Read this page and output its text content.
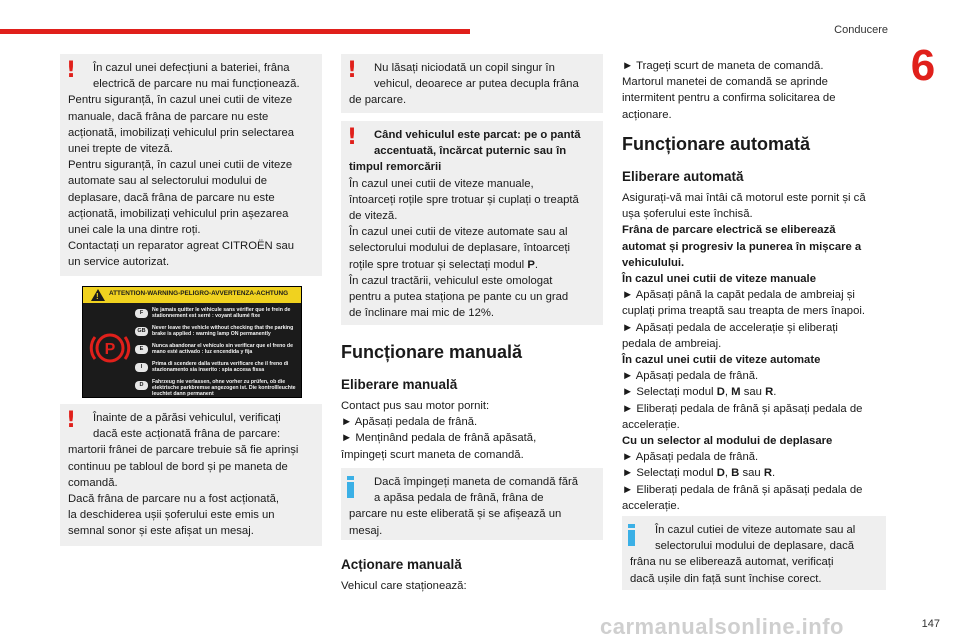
Conducere
6
!	În cazul unei defecțiuni a bateriei, frâna

electrică de parcare nu mai funcționează.

Pentru siguranță, în cazul unei cutii de viteze

manuale, dacă frâna de parcare nu este

acționată, imobilizați vehiculul prin selectarea

unei trepte de viteză.

Pentru siguranță, în cazul unei cutii de viteze

automate sau al selectorului modului de

deplasare, dacă frâna de parcare nu este

acționată, imobilizați vehiculul prin așezarea

unei cale la una dintre roți.

Contactați un reparator agreat CITROËN sau

un service autorizat.

! ATTENTION-WARNING-PELIGRO-AVVERTENZA-ACHTUNG
P
F	Ne jamais quitter le véhicule sans vérifier que le frein de stationnement est serré : voyant allumé fixe
GB	Never leave the vehicle without checking that the parking brake is applied : warning lamp ON permanently
E	Nunca abandonar el vehículo sin verificar que el freno de mano esté activado : luz encendida y fija
I	Prima di scendere dalla vettura verificare che il freno di stazionamento sia inserito : spia accesa fissa
D	Fahrzeug nie verlassen, ohne vorher zu prüfen, ob die elektrische parkbremse angezogen ist. Die kontrollleuchte leuchtet dann permanent
!	Înainte de a părăsi vehiculul, verificați

dacă este acționată frâna de parcare:

martorii frânei de parcare trebuie să fie aprinși

continuu pe tabloul de bord și pe maneta de

comandă.

Dacă frâna de parcare nu a fost acționată,

la deschiderea ușii șoferului este emis un

semnal sonor și este afișat un mesaj.

!	Nu lăsați niciodată un copil singur în

vehicul, deoarece ar putea decupla frâna

de parcare.

!	Când vehiculul este parcat: pe o pantă

accentuată, încărcat puternic sau în

timpul remorcării

În cazul unei cutii de viteze manuale,

întoarceți roțile spre trotuar și cuplați o treaptă

de viteză.

În cazul unei cutii de viteze automate sau al

selectorului modului de deplasare, întoarceți

roțile spre trotuar și selectați modul P.

În cazul tractării, vehiculul este omologat

pentru a putea staționa pe pante cu un grad

de înclinare mai mic de 12%.

Funcționare manuală
Eliberare manuală

Contact pus sau motor pornit:

► Apăsați pedala de frână.

► Menținând pedala de frână apăsată,

împingeți scurt maneta de comandă.

Dacă împingeți maneta de comandă fără

a apăsa pedala de frână, frâna de

parcare nu este eliberată și se afișează un

mesaj.

Acționare manuală
Vehicul care staționează:

► Trageți scurt de maneta de comandă.

Martorul manetei de comandă se aprinde

intermitent pentru a confirma solicitarea de

acționare.

Funcționare automată
Eliberare automată

Asigurați-vă mai întâi că motorul este pornit și că

ușa șoferului este închisă.

Frâna de parcare electrică se eliberează

automat și progresiv la punerea în mișcare a

vehiculului.

În cazul unei cutii de viteze manuale

► Apăsați până la capăt pedala de ambreiaj și

cuplați prima treaptă sau treapta de mers înapoi.

► Apăsați pedala de accelerație și eliberați

pedala de ambreiaj.

În cazul unei cutii de viteze automate

► Apăsați pedala de frână.

► Selectați modul D, M sau R.

► Eliberați pedala de frână și apăsați pedala de

accelerație.

Cu un selector al modului de deplasare

► Apăsați pedala de frână.

► Selectați modul D, B sau R.

► Eliberați pedala de frână și apăsați pedala de

accelerație.

În cazul cutiei de viteze automate sau al

selectorului modului de deplasare, dacă

frâna nu se eliberează automat, verificați

dacă ușile din față sunt închise corect.

carmanualsonline.info	147
